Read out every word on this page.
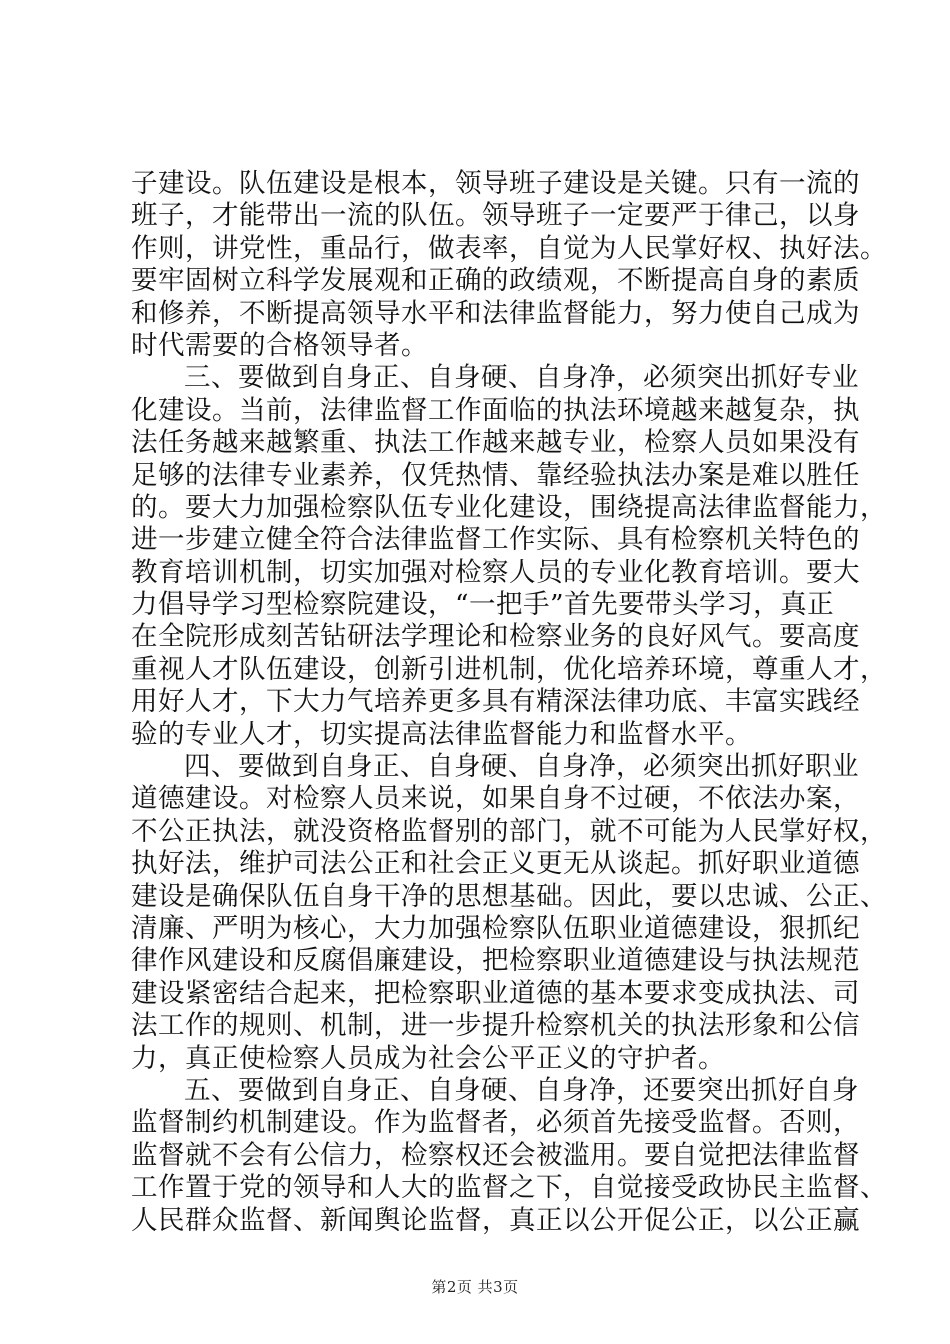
子建设。队伍建设是根本，领导班子建设是关键。只有一流的
班子，才能带出一流的队伍。领导班子一定要严于律己，以身
作则，讲党性，重品行，做表率，自觉为人民掌好权、执好法。
要牢固树立科学发展观和正确的政绩观，不断提高自身的素质
和修养，不断提高领导水平和法律监督能力，努力使自己成为
时代需要的合格领导者。
三、要做到自身正、自身硬、自身净，必须突出抓好专业
化建设。当前，法律监督工作面临的执法环境越来越复杂，执
法任务越来越繁重、执法工作越来越专业，检察人员如果没有
足够的法律专业素养，仅凭热情、靠经验执法办案是难以胜任
的。要大力加强检察队伍专业化建设，围绕提高法律监督能力，
进一步建立健全符合法律监督工作实际、具有检察机关特色的
教育培训机制，切实加强对检察人员的专业化教育培训。要大
力倡导学习型检察院建设，“一把手”首先要带头学习，真正
在全院形成刻苦钻研法学理论和检察业务的良好风气。要高度
重视人才队伍建设，创新引进机制，优化培养环境，尊重人才，
用好人才，下大力气培养更多具有精深法律功底、丰富实践经
验的专业人才，切实提高法律监督能力和监督水平。
四、要做到自身正、自身硬、自身净，必须突出抓好职业
道德建设。对检察人员来说，如果自身不过硬，不依法办案，
不公正执法，就没资格监督别的部门，就不可能为人民掌好权，
执好法，维护司法公正和社会正义更无从谈起。抓好职业道德
建设是确保队伍自身干净的思想基础。因此，要以忠诚、公正、
清廉、严明为核心，大力加强检察队伍职业道德建设，狠抓纪
律作风建设和反腐倡廉建设，把检察职业道德建设与执法规范
建设紧密结合起来，把检察职业道德的基本要求变成执法、司
法工作的规则、机制，进一步提升检察机关的执法形象和公信
力，真正使检察人员成为社会公平正义的守护者。
五、要做到自身正、自身硬、自身净，还要突出抓好自身
监督制约机制建设。作为监督者，必须首先接受监督。否则，
监督就不会有公信力，检察权还会被滥用。要自觉把法律监督
工作置于党的领导和人大的监督之下，自觉接受政协民主监督、
人民群众监督、新闻舆论监督，真正以公开促公正，以公正赢
第2页 共3页
